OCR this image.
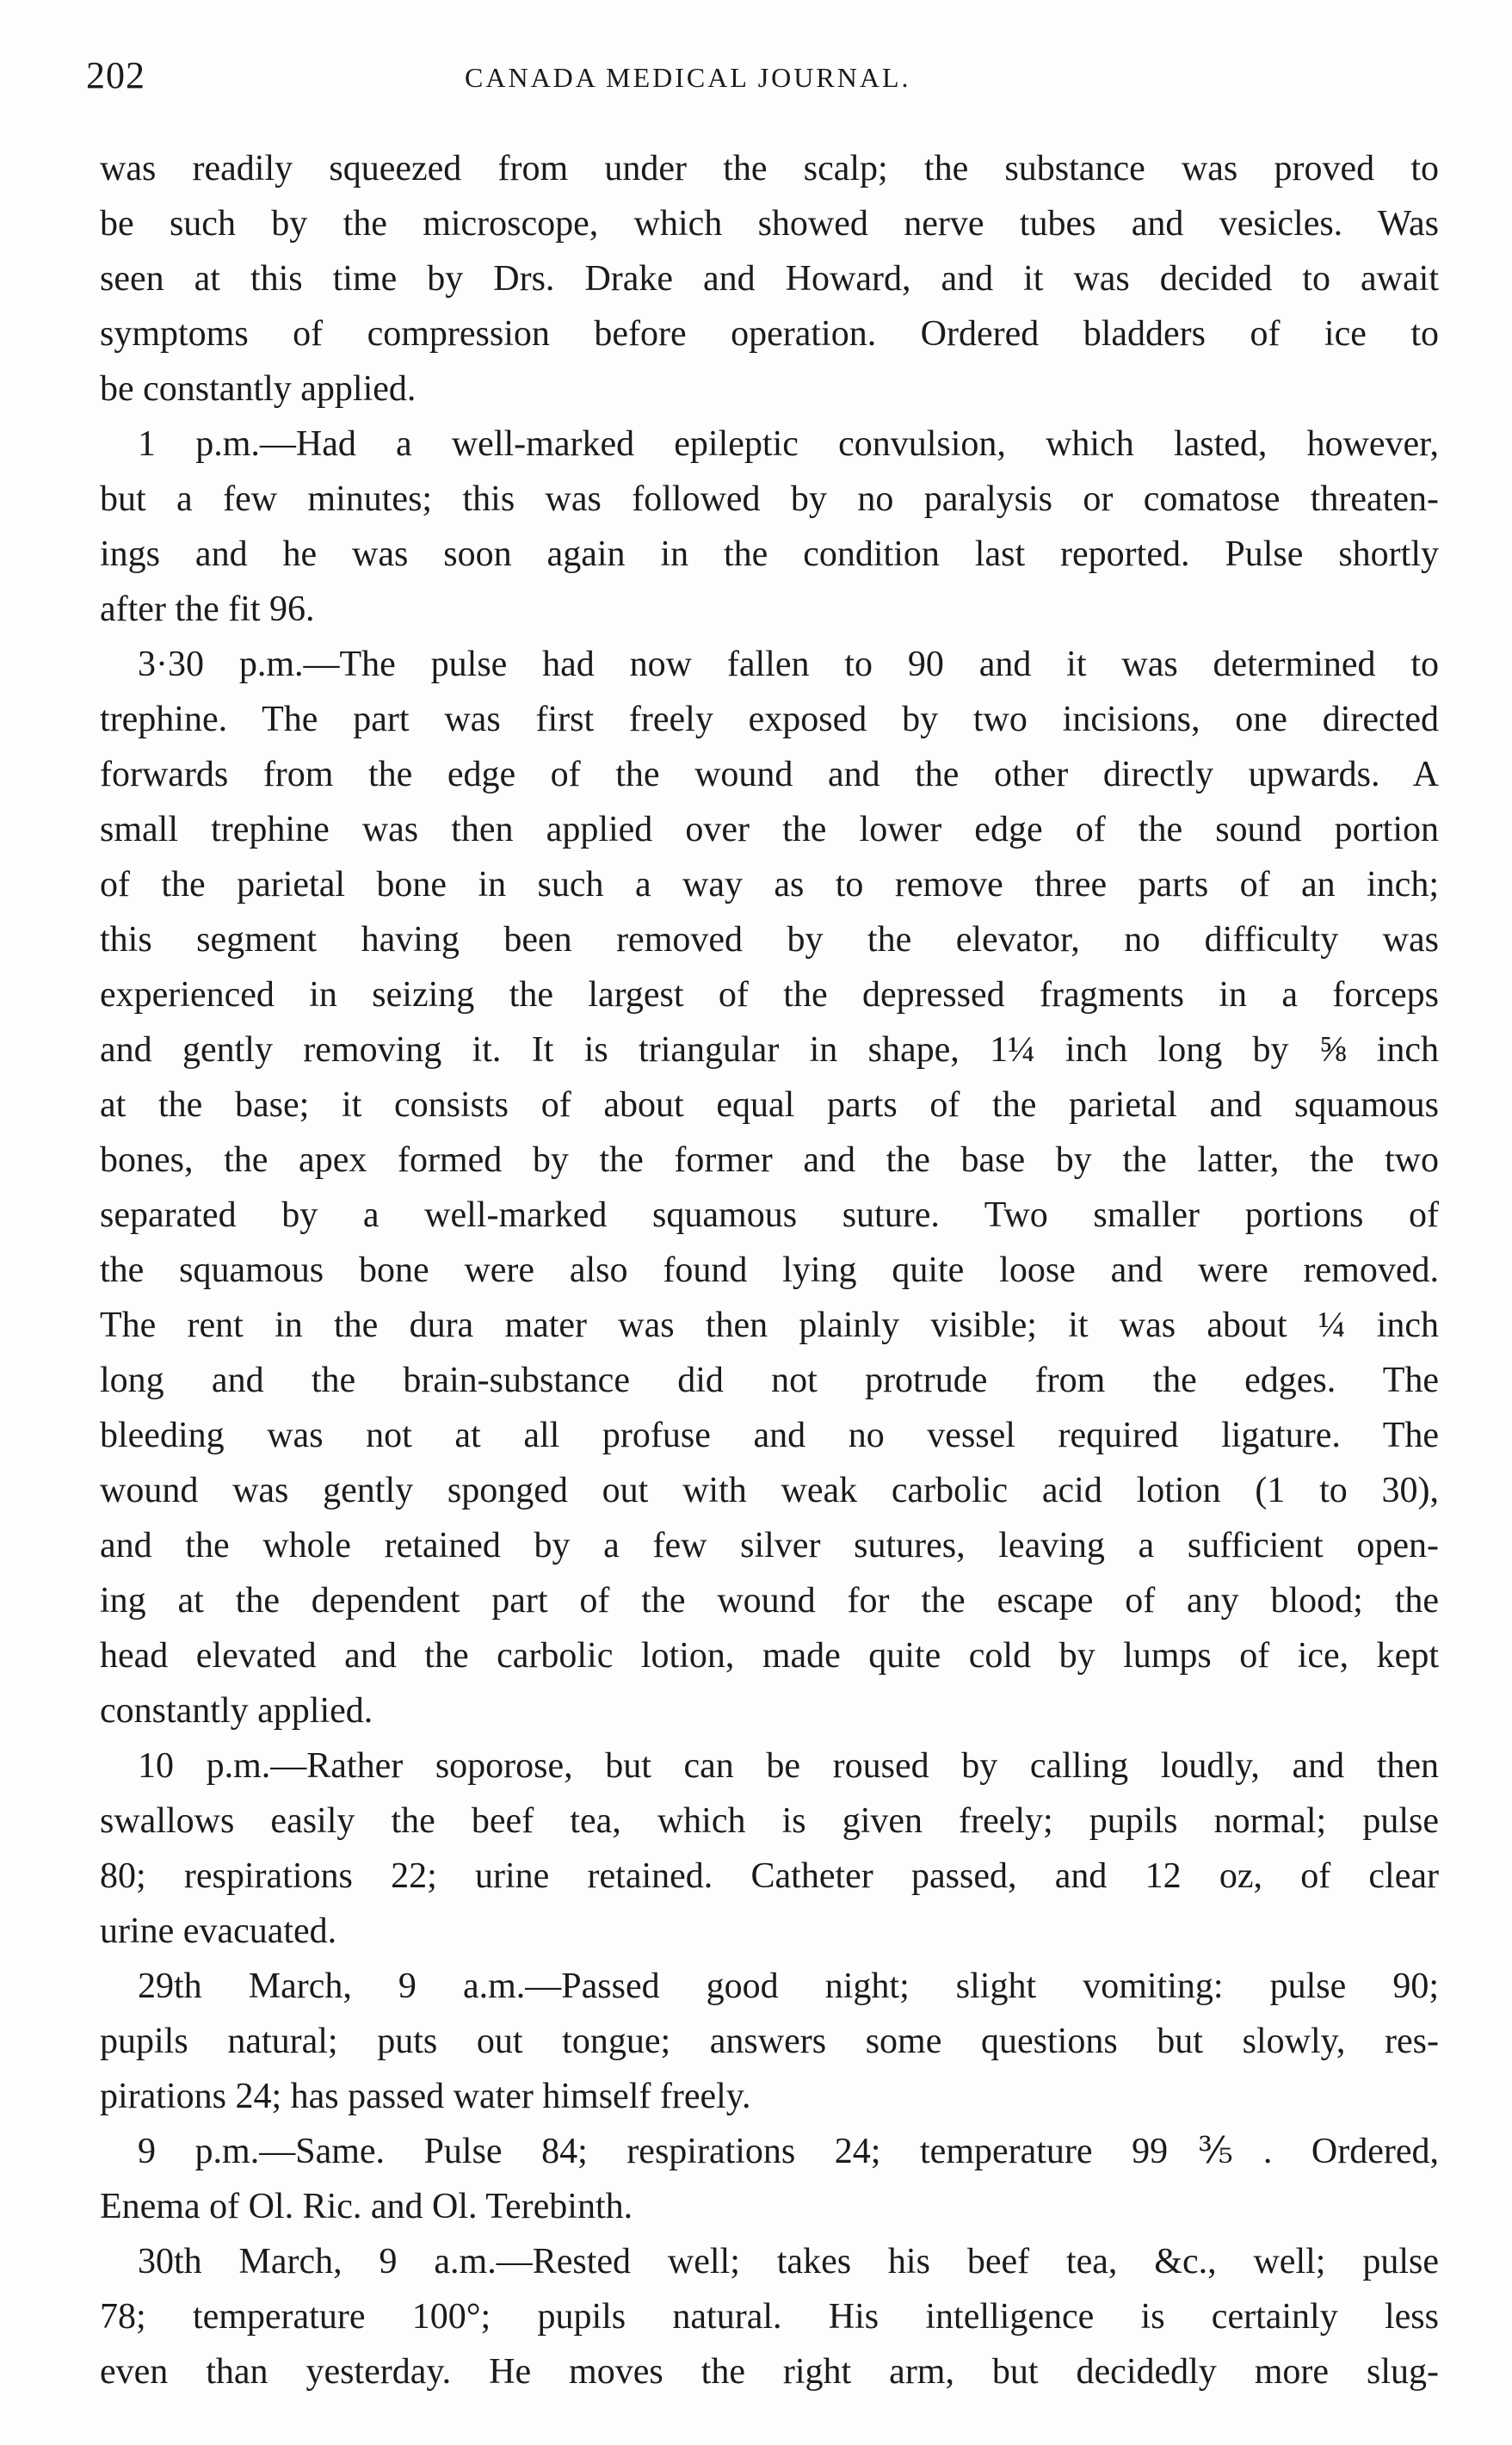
202	CANADA MEDICAL JOURNAL.
was readily squeezed from under the scalp; the substance was proved to
be such by the microscope, which showed nerve tubes and vesicles. Was
seen at this time by Drs. Drake and Howard, and it was decided to await
symptoms of compression before operation. Ordered bladders of ice to
be constantly applied.
1 p.m.—Had a well-marked epileptic convulsion, which lasted, however,
but a few minutes; this was followed by no paralysis or comatose threaten-
ings and he was soon again in the condition last reported. Pulse shortly
after the fit 96.
3·30 p.m.—The pulse had now fallen to 90 and it was determined to
trephine. The part was first freely exposed by two incisions, one directed
forwards from the edge of the wound and the other directly upwards. A
small trephine was then applied over the lower edge of the sound portion
of the parietal bone in such a way as to remove three parts of an inch;
this segment having been removed by the elevator, no difficulty was
experienced in seizing the largest of the depressed fragments in a forceps
and gently removing it. It is triangular in shape, 1¼ inch long by ⅝ inch
at the base; it consists of about equal parts of the parietal and squamous
bones, the apex formed by the former and the base by the latter, the two
separated by a well-marked squamous suture. Two smaller portions of
the squamous bone were also found lying quite loose and were removed.
The rent in the dura mater was then plainly visible; it was about ¼ inch
long and the brain-substance did not protrude from the edges. The
bleeding was not at all profuse and no vessel required ligature. The
wound was gently sponged out with weak carbolic acid lotion (1 to 30),
and the whole retained by a few silver sutures, leaving a sufficient open-
ing at the dependent part of the wound for the escape of any blood; the
head elevated and the carbolic lotion, made quite cold by lumps of ice, kept
constantly applied.
10 p.m.—Rather soporose, but can be roused by calling loudly, and then
swallows easily the beef tea, which is given freely; pupils normal; pulse
80; respirations 22; urine retained. Catheter passed, and 12 oz, of clear
urine evacuated.
29th March, 9 a.m.—Passed good night; slight vomiting: pulse 90;
pupils natural; puts out tongue; answers some questions but slowly, res-
pirations 24; has passed water himself freely.
9 p.m.—Same. Pulse 84; respirations 24; temperature 99⅗. Ordered,
Enema of Ol. Ric. and Ol. Terebinth.
30th March, 9 a.m.—Rested well; takes his beef tea, &c., well; pulse
78; temperature 100°; pupils natural. His intelligence is certainly less
even than yesterday. He moves the right arm, but decidedly more slug-
